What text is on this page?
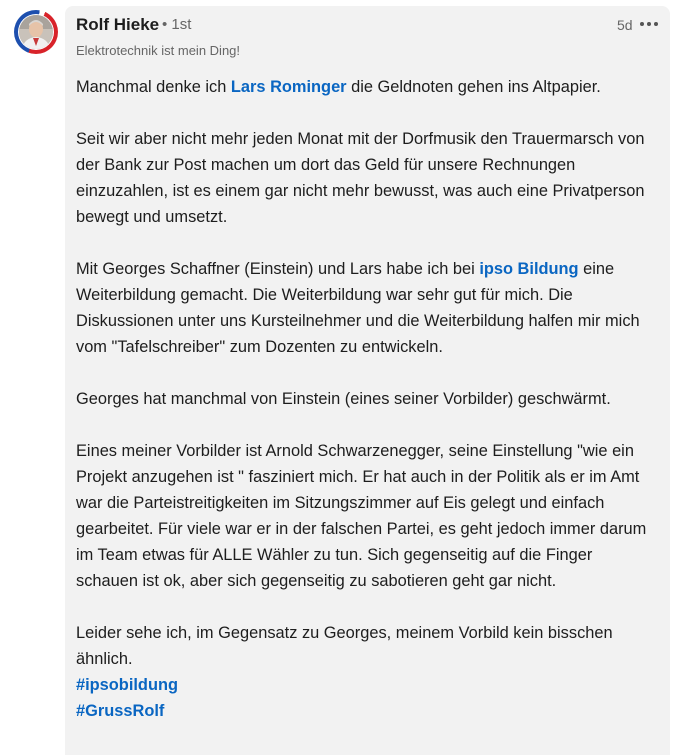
Rolf Hieke • 1st
Elektrotechnik ist mein Ding!
5d

Manchmal denke ich Lars Rominger die Geldnoten gehen ins Altpapier.

Seit wir aber nicht mehr jeden Monat mit der Dorfmusik den Trauermarsch von der Bank zur Post machen um dort das Geld für unsere Rechnungen einzuzahlen, ist es einem gar nicht mehr bewusst, was auch eine Privatperson bewegt und umsetzt.

Mit Georges Schaffner (Einstein) und Lars habe ich bei ipso Bildung eine Weiterbildung gemacht. Die Weiterbildung war sehr gut für mich. Die Diskussionen unter uns Kursteilnehmer und die Weiterbildung halfen mir mich vom "Tafelschreiber" zum Dozenten zu entwickeln.

Georges hat manchmal von Einstein (eines seiner Vorbilder) geschwärmt.

Eines meiner Vorbilder ist Arnold Schwarzenegger, seine Einstellung "wie ein Projekt anzugehen ist " fasziniert mich. Er hat auch in der Politik als er im Amt war die Parteistreitigkeiten im Sitzungszimmer auf Eis gelegt und einfach gearbeitet. Für viele war er in der falschen Partei, es geht jedoch immer darum im Team etwas für ALLE Wähler zu tun. Sich gegenseitig auf die Finger schauen ist ok, aber sich gegenseitig zu sabotieren geht gar nicht.

Leider sehe ich, im Gegensatz zu Georges, meinem Vorbild kein bisschen ähnlich.

#ipsobildung
#GrussRolf
